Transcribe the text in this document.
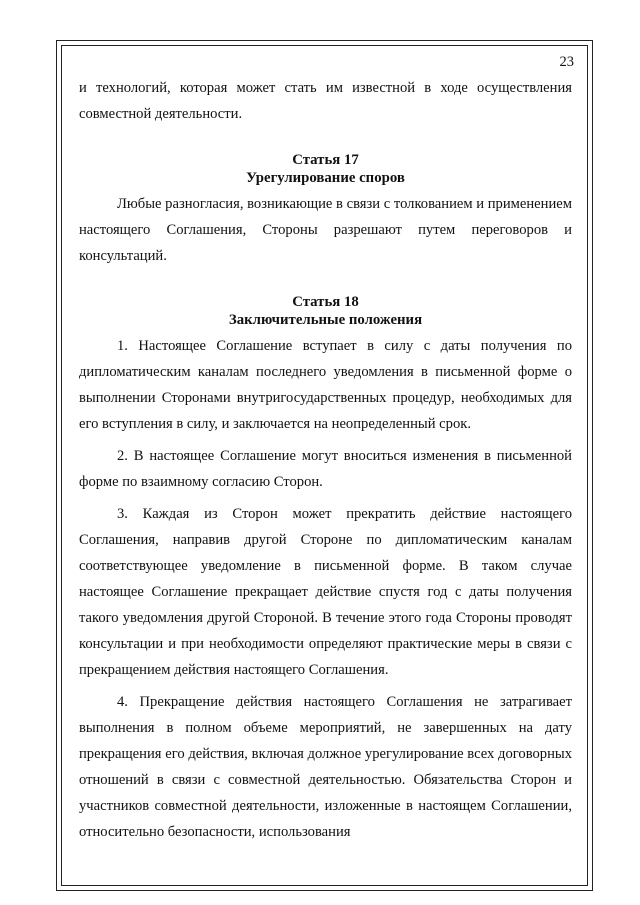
23

и технологий, которая может стать им известной в ходе осуществления совместной деятельности.

Статья 17
Урегулирование споров

Любые разногласия, возникающие в связи с толкованием и применением настоящего Соглашения, Стороны разрешают путем переговоров и консультаций.

Статья 18
Заключительные положения

1. Настоящее Соглашение вступает в силу с даты получения по дипломатическим каналам последнего уведомления в письменной форме о выполнении Сторонами внутригосударственных процедур, необходимых для его вступления в силу, и заключается на неопределенный срок.

2. В настоящее Соглашение могут вноситься изменения в письменной форме по взаимному согласию Сторон.

3. Каждая из Сторон может прекратить действие настоящего Соглашения, направив другой Стороне по дипломатическим каналам соответствующее уведомление в письменной форме. В таком случае настоящее Соглашение прекращает действие спустя год с даты получения такого уведомления другой Стороной. В течение этого года Стороны проводят консультации и при необходимости определяют практические меры в связи с прекращением действия настоящего Соглашения.

4. Прекращение действия настоящего Соглашения не затрагивает выполнения в полном объеме мероприятий, не завершенных на дату прекращения его действия, включая должное урегулирование всех договорных отношений в связи с совместной деятельностью. Обязательства Сторон и участников совместной деятельности, изложенные в настоящем Соглашении, относительно безопасности, использования
